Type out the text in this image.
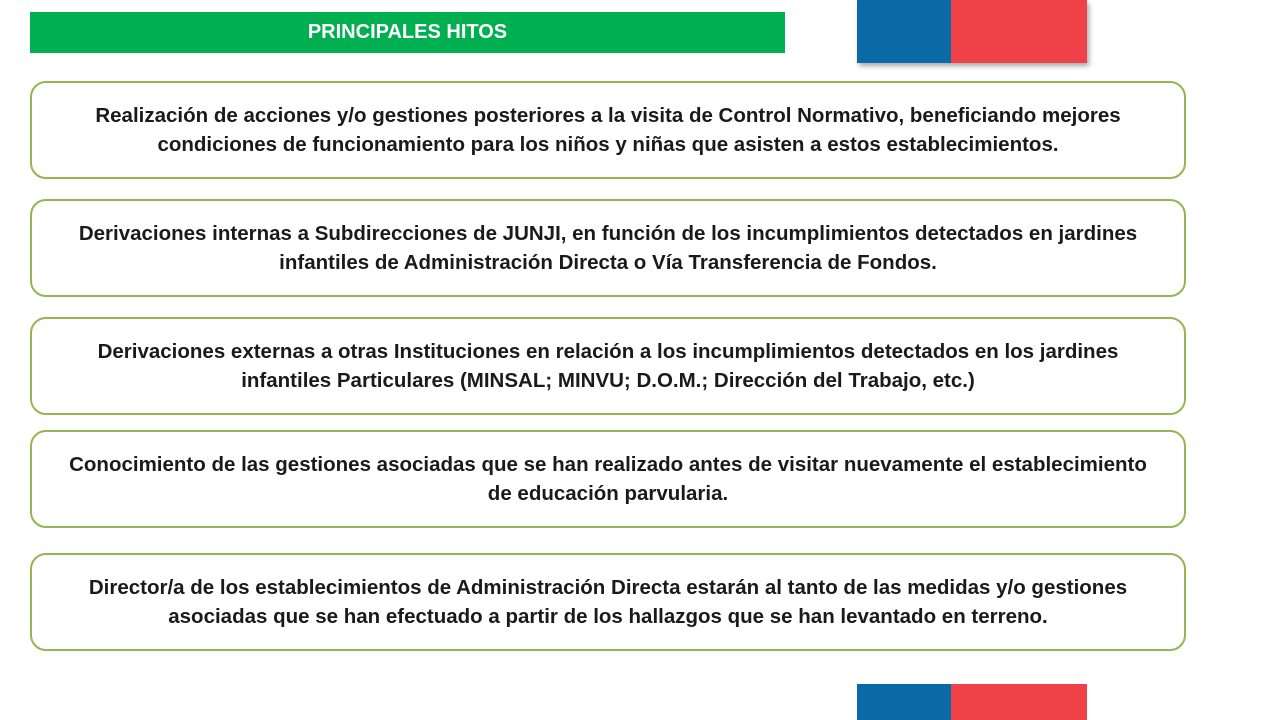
PRINCIPALES HITOS
Realización de acciones y/o gestiones posteriores a la visita de Control Normativo, beneficiando mejores condiciones de funcionamiento para los niños y niñas que asisten a estos establecimientos.
Derivaciones internas a Subdirecciones de JUNJI, en función de los incumplimientos detectados en jardines infantiles de Administración Directa o Vía Transferencia de Fondos.
Derivaciones externas a otras Instituciones en relación a los incumplimientos detectados en los jardines infantiles Particulares (MINSAL; MINVU; D.O.M.; Dirección del Trabajo, etc.)
Conocimiento de las gestiones asociadas que se han realizado antes de visitar nuevamente el establecimiento de educación parvularia.
Director/a de los establecimientos de Administración Directa estarán al tanto de las medidas y/o gestiones asociadas que se han efectuado a partir de los hallazgos que se han levantado en terreno.
